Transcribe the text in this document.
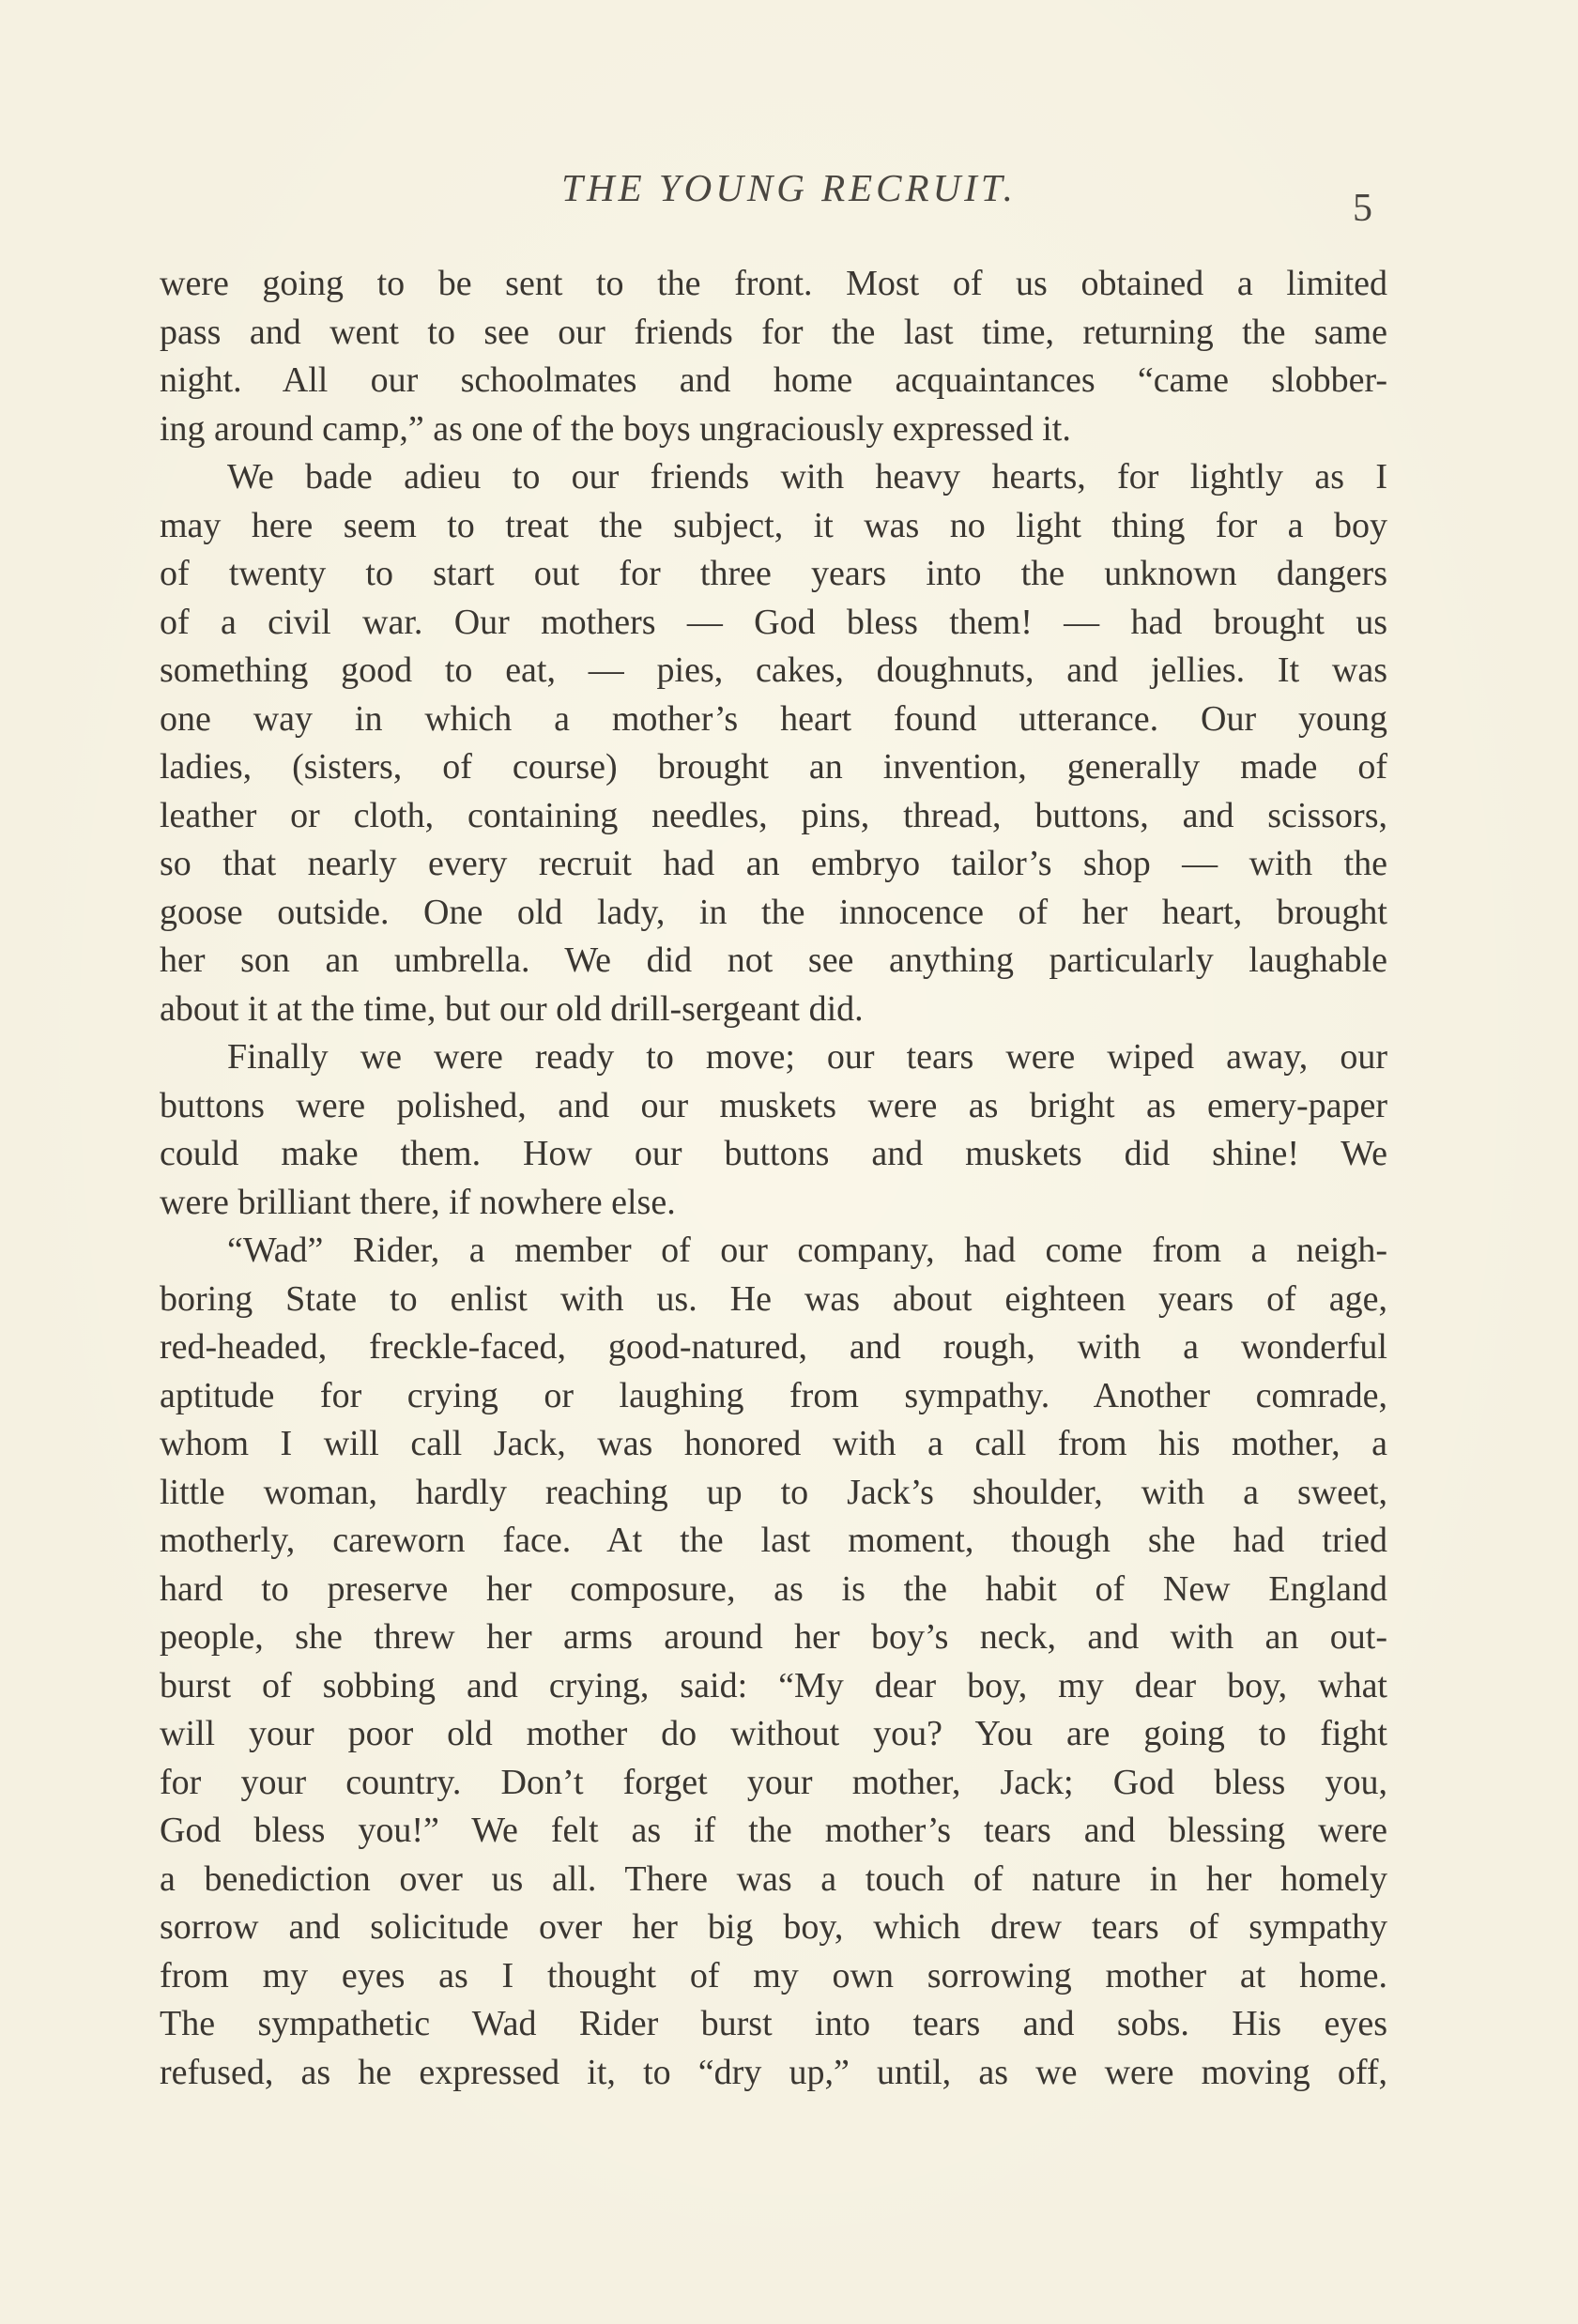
THE YOUNG RECRUIT.	5
were going to be sent to the front. Most of us obtained a limited
pass and went to see our friends for the last time, returning the same
night. All our schoolmates and home acquaintances “came slobber-
ing around camp,” as one of the boys ungraciously expressed it.
We bade adieu to our friends with heavy hearts, for lightly as I
may here seem to treat the subject, it was no light thing for a boy
of twenty to start out for three years into the unknown dangers
of a civil war. Our mothers — God bless them! — had brought us
something good to eat, — pies, cakes, doughnuts, and jellies. It was
one way in which a mother’s heart found utterance. Our young
ladies, (sisters, of course) brought an invention, generally made of
leather or cloth, containing needles, pins, thread, buttons, and scissors,
so that nearly every recruit had an embryo tailor’s shop — with the
goose outside. One old lady, in the innocence of her heart, brought
her son an umbrella. We did not see anything particularly laughable
about it at the time, but our old drill-sergeant did.
Finally we were ready to move; our tears were wiped away, our
buttons were polished, and our muskets were as bright as emery-paper
could make them. How our buttons and muskets did shine! We
were brilliant there, if nowhere else.
“Wad” Rider, a member of our company, had come from a neigh-
boring State to enlist with us. He was about eighteen years of age,
red-headed, freckle-faced, good-natured, and rough, with a wonderful
aptitude for crying or laughing from sympathy. Another comrade,
whom I will call Jack, was honored with a call from his mother, a
little woman, hardly reaching up to Jack’s shoulder, with a sweet,
motherly, careworn face. At the last moment, though she had tried
hard to preserve her composure, as is the habit of New England
people, she threw her arms around her boy’s neck, and with an out-
burst of sobbing and crying, said: “My dear boy, my dear boy, what
will your poor old mother do without you? You are going to fight
for your country. Don’t forget your mother, Jack; God bless you,
God bless you!” We felt as if the mother’s tears and blessing were
a benediction over us all. There was a touch of nature in her homely
sorrow and solicitude over her big boy, which drew tears of sympathy
from my eyes as I thought of my own sorrowing mother at home.
The sympathetic Wad Rider burst into tears and sobs. His eyes
refused, as he expressed it, to “dry up,” until, as we were moving off,
